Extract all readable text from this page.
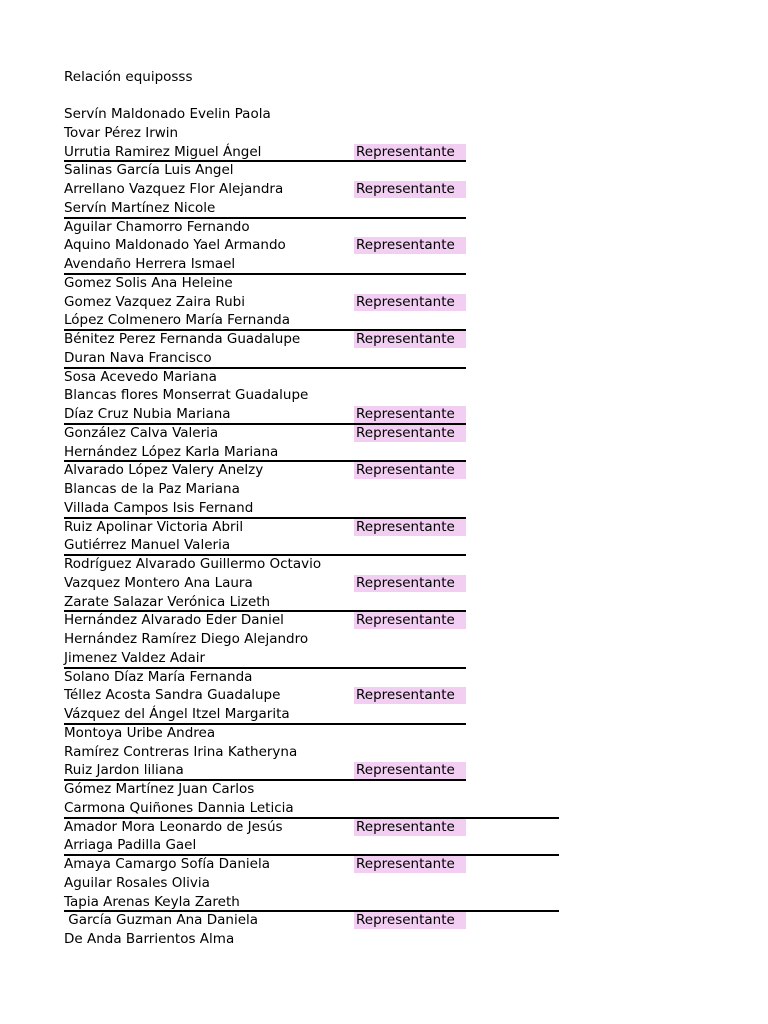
Relación equiposss
Servín Maldonado Evelin Paola
Tovar Pérez Irwin
Urrutia Ramirez Miguel Ángel	Representante
Salinas García Luis Angel
Arrellano Vazquez Flor Alejandra	Representante
Servín Martínez Nicole
Aguilar Chamorro Fernando
Aquino Maldonado Yael Armando	Representante
Avendaño Herrera Ismael
Gomez Solis Ana Heleine
Gomez Vazquez Zaira Rubi	Representante
López Colmenero María Fernanda
Bénitez Perez Fernanda Guadalupe	Representante
Duran Nava Francisco
Sosa Acevedo Mariana
Blancas flores Monserrat Guadalupe
Díaz Cruz Nubia Mariana	Representante
González Calva Valeria	Representante
Hernández López Karla Mariana
Alvarado López Valery Anelzy	Representante
Blancas de la Paz Mariana
Villada Campos Isis Fernand
Ruiz Apolinar Victoria Abril	Representante
Gutiérrez Manuel Valeria
Rodríguez Alvarado Guillermo Octavio
Vazquez Montero Ana Laura	Representante
Zarate Salazar Verónica Lizeth
Hernández Alvarado Eder Daniel	Representante
Hernández Ramírez Diego Alejandro
Jimenez Valdez Adair
Solano Díaz María Fernanda
Téllez Acosta Sandra Guadalupe	Representante
Vázquez del Ángel Itzel Margarita
Montoya Uribe Andrea
Ramírez Contreras Irina Katheryna
Ruiz Jardon liliana	Representante
Gómez Martínez Juan Carlos
Carmona Quiñones Dannia Leticia
Amador Mora Leonardo de Jesús	Representante
Arriaga Padilla Gael
Amaya Camargo Sofía Daniela	Representante
Aguilar Rosales Olivia
Tapia Arenas Keyla Zareth
García Guzman Ana Daniela	Representante
De Anda Barrientos Alma
